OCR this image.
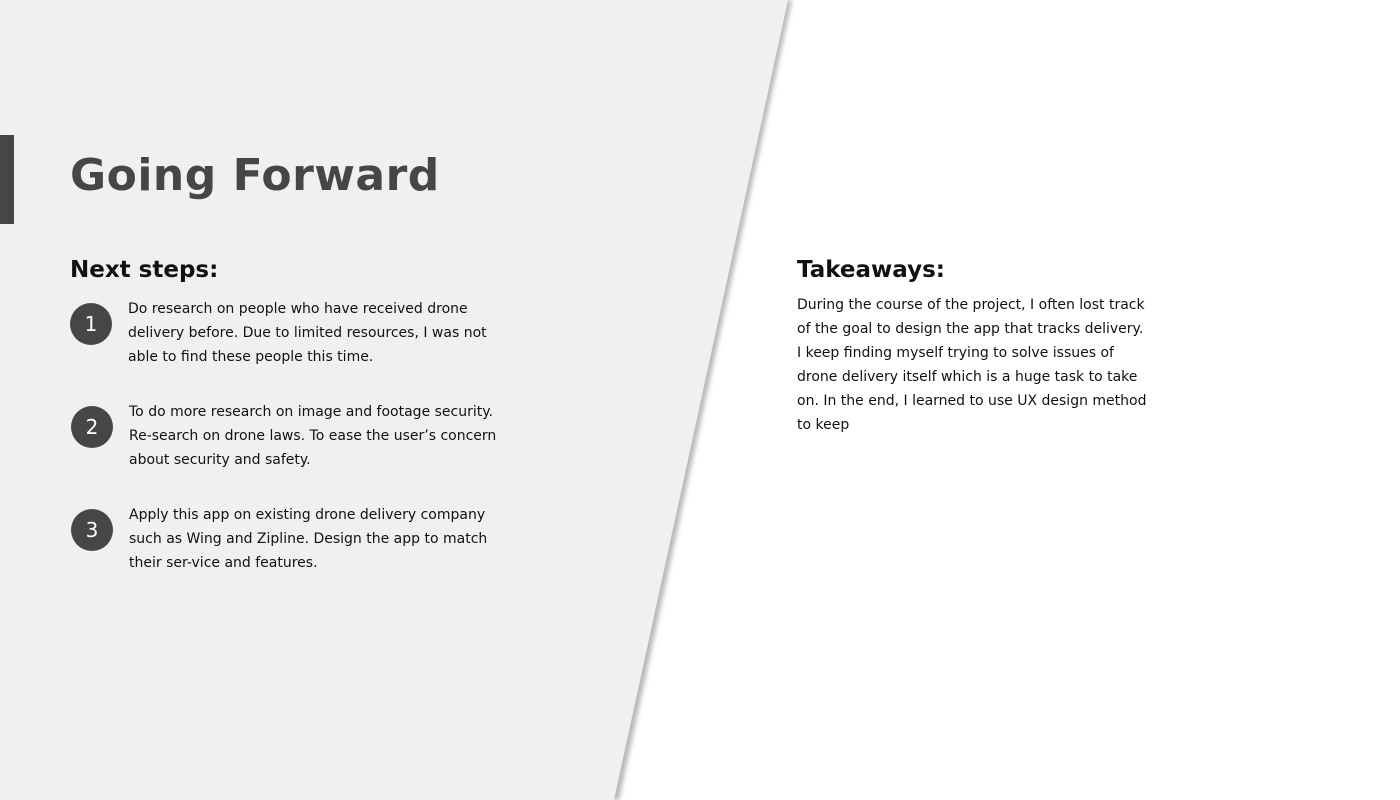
Going Forward
Next steps:
1

Do research on people who have received drone delivery before. Due to limited resources, I was not able to find these people this time.

2

To do more research on image and footage security. Re-search on drone laws. To ease the user’s concern about security and safety.

3

Apply this app on existing drone delivery company such as Wing and Zipline. Design the app to match their ser-vice and features.

Takeaways:

During the course of the project, I often lost track of the goal to design the app that tracks delivery. I keep finding myself trying to solve issues of drone delivery itself which is a huge task to take on. In the end, I learned to use UX design method to keep
